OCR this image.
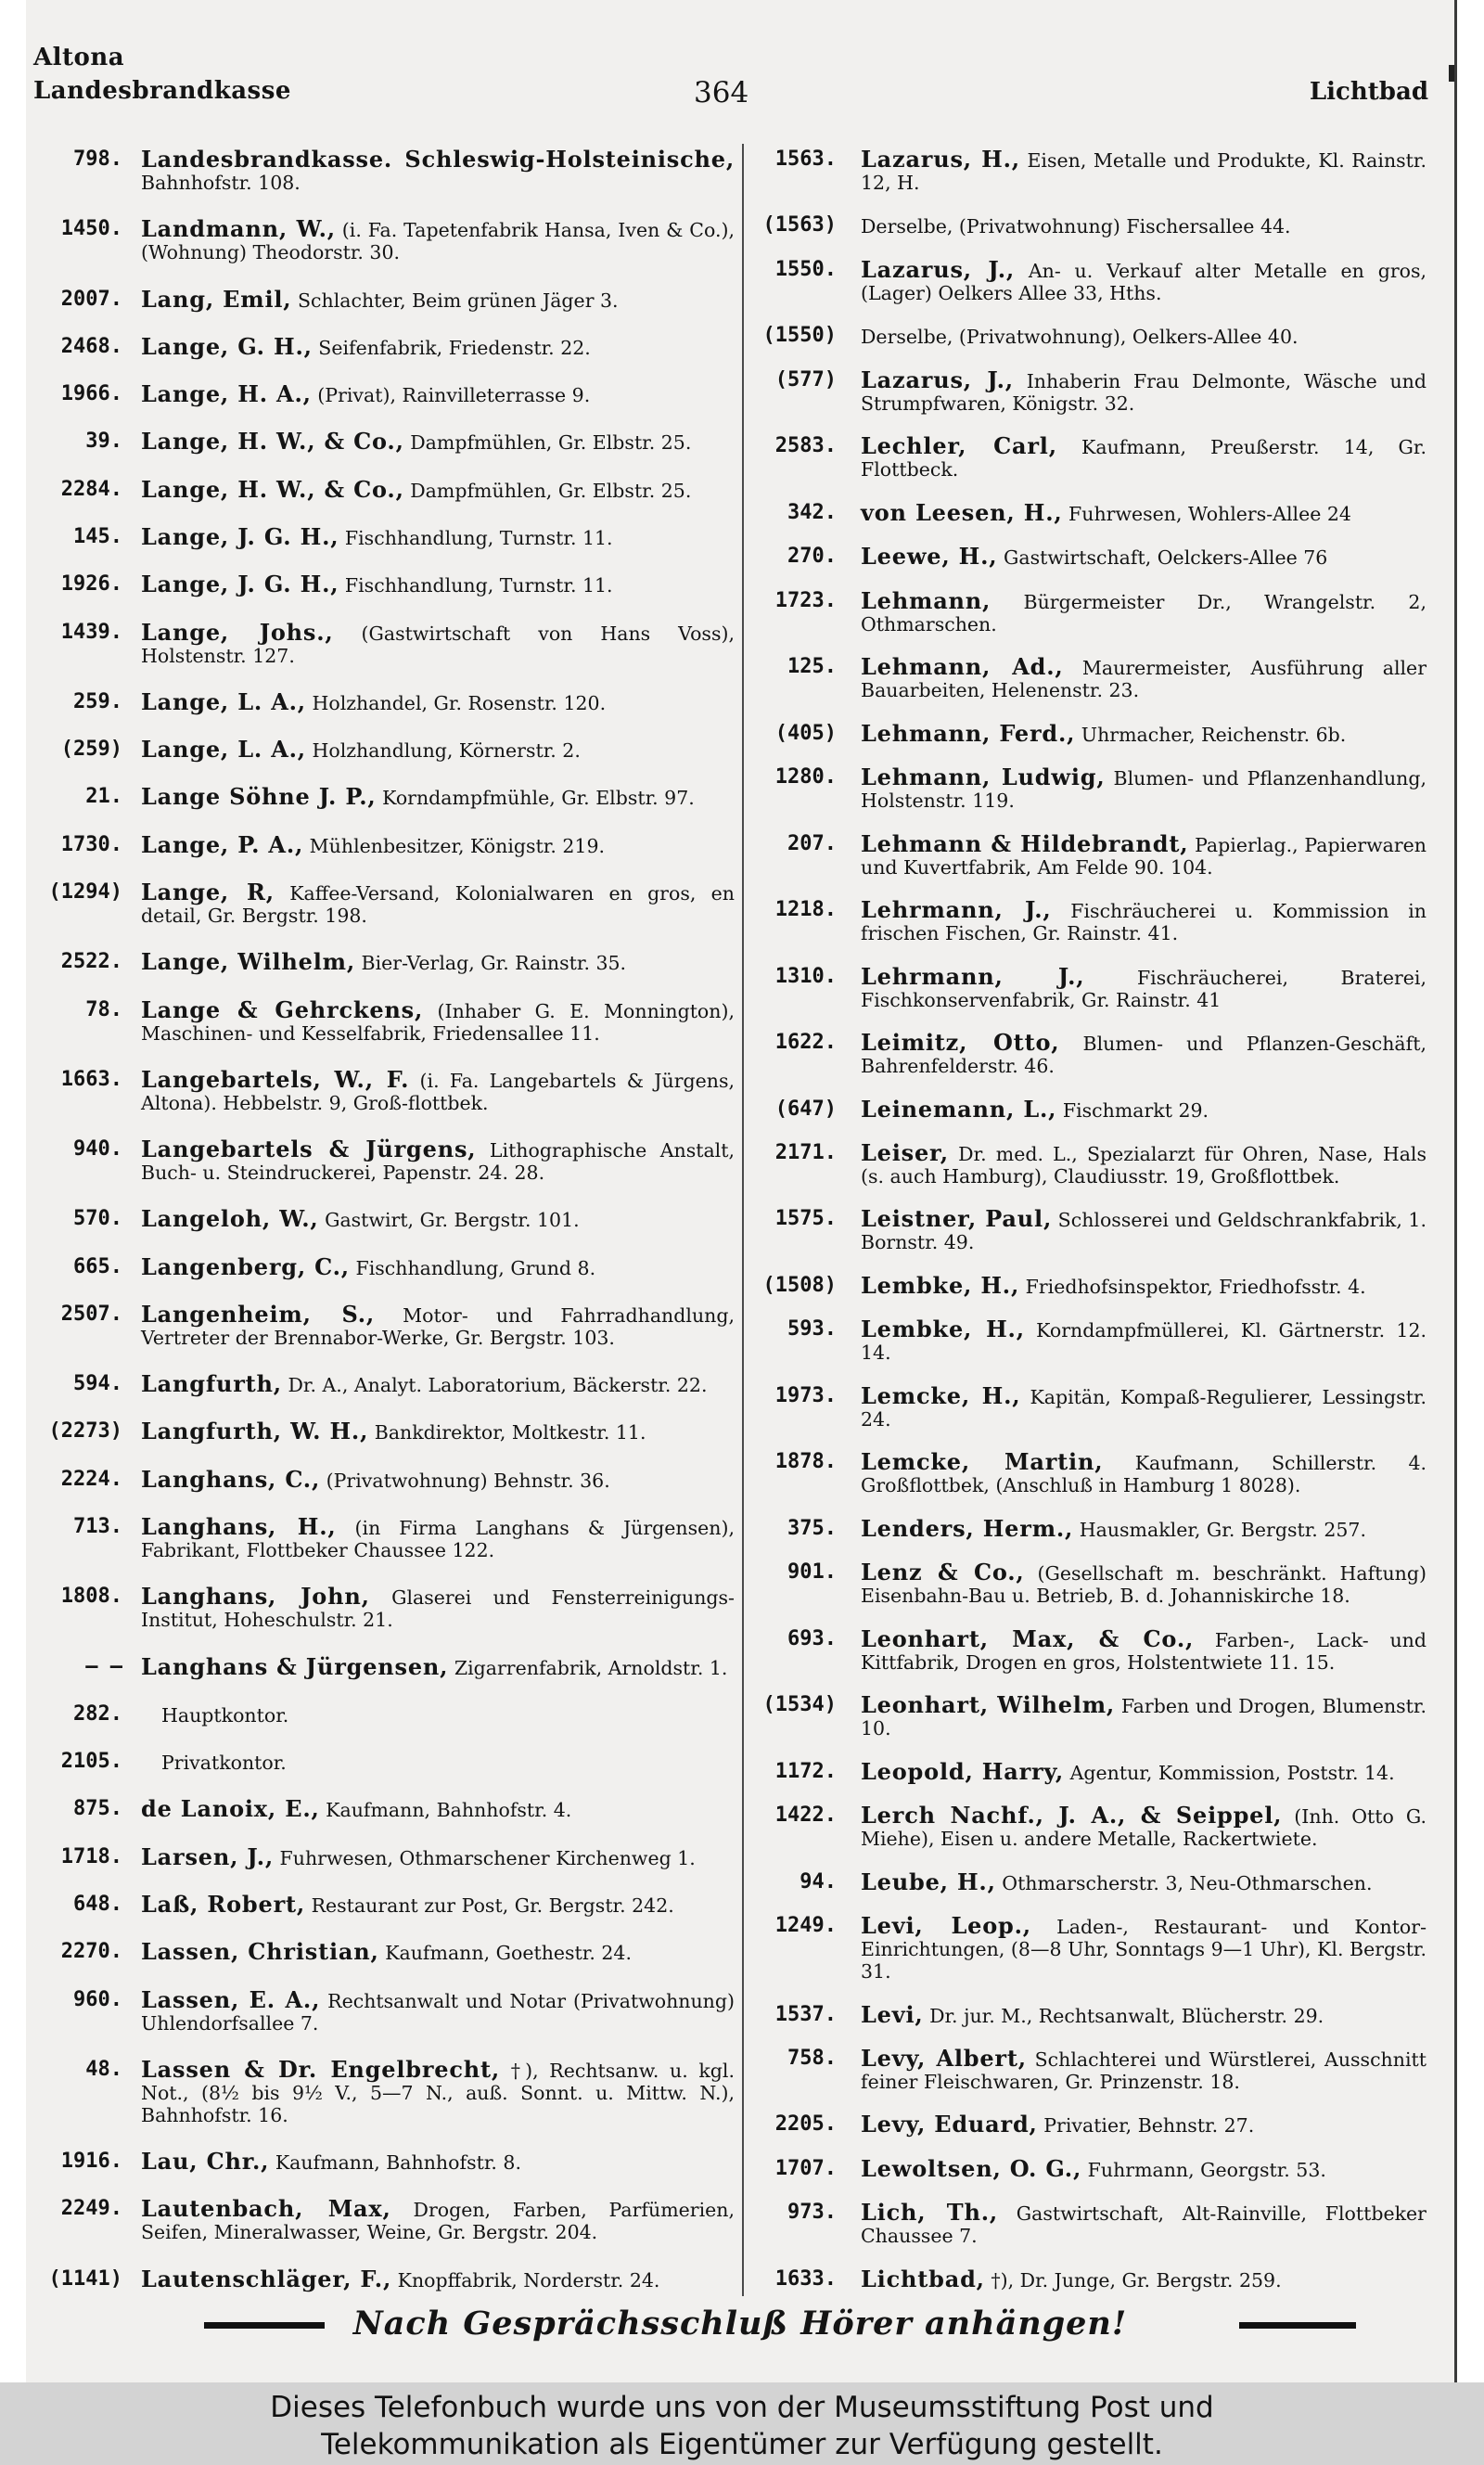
Altona
Landesbrandkasse	364	Lichtbad
798. Landesbrandkasse. Schleswig-Holsteinische, Bahnhofstr. 108.
1450. Landmann, W., (i. Fa. Tapetenfabrik Hansa, Iven & Co.), (Wohnung) Theodorstr. 30.
2007. Lang, Emil, Schlachter, Beim grünen Jäger 3.
2468. Lange, G. H., Seifenfabrik, Friedenstr. 22.
1966. Lange, H. A., (Privat), Rainvilleterrasse 9.
39. Lange, H. W., & Co., Dampfmühlen, Gr. Elbstr. 25.
2284. Lange, H. W., & Co., Dampfmühlen, Gr. Elbstr. 25.
145. Lange, J. G. H., Fischhandlung, Turnstr. 11.
1926. Lange, J. G. H., Fischhandlung, Turnstr. 11.
1439. Lange, Johs., (Gastwirtschaft von Hans Voss), Holstenstr. 127.
259. Lange, L. A., Holzhandel, Gr. Rosenstr. 120.
(259) Lange, L. A., Holzhandlung, Körnerstr. 2.
21. Lange Söhne J. P., Korndampfmühle, Gr. Elbstr. 97.
1730. Lange, P. A., Mühlenbesitzer, Königstr. 219.
(1294) Lange, R, Kaffee-Versand, Kolonialwaren en gros, en detail, Gr. Bergstr. 198.
2522. Lange, Wilhelm, Bier-Verlag, Gr. Rainstr. 35.
78. Lange & Gehrckens, (Inhaber G. E. Monnington), Maschinen- und Kesselfabrik, Friedensallee 11.
1663. Langebartels, W., F. (i. Fa. Langebartels & Jürgens, Altona). Hebbelstr. 9, Groß-flottbek.
940. Langebartels & Jürgens, Lithographische Anstalt, Buch- u. Steindruckerei, Papenstr. 24. 28.
570. Langeloh, W., Gastwirt, Gr. Bergstr. 101.
665. Langenberg, C., Fischhandlung, Grund 8.
2507. Langenheim, S., Motor- und Fahrradhandlung, Vertreter der Brennabor-Werke, Gr. Bergstr. 103.
594. Langfurth, Dr. A., Analyt. Laboratorium, Bäckerstr. 22.
(2273) Langfurth, W. H., Bankdirektor, Moltkestr. 11.
2224. Langhans, C., (Privatwohnung) Behnstr. 36.
713. Langhans, H., (in Firma Langhans & Jürgensen), Fabrikant, Flottbeker Chaussee 122.
1808. Langhans, John, Glaserei und Fensterreinigungs-Institut, Hoheschulstr. 21.
— — Langhans & Jürgensen, Zigarrenfabrik, Arnoldstr. 1.
282.	Hauptkontor.
2105.	Privatkontor.
875. de Lanoix, E., Kaufmann, Bahnhofstr. 4.
1718. Larsen, J., Fuhrwesen, Othmarschener Kirchenweg 1.
648. Laß, Robert, Restaurant zur Post, Gr. Bergstr. 242.
2270. Lassen, Christian, Kaufmann, Goethestr. 24.
960. Lassen, E. A., Rechtsanwalt und Notar (Privatwohnung) Uhlendorfsallee 7.
48. Lassen & Dr. Engelbrecht, †), Rechtsanw. u. kgl. Not., (8½ bis 9½ V., 5—7 N., auß. Sonnt. u. Mittw. N.), Bahnhofstr. 16.
1916. Lau, Chr., Kaufmann, Bahnhofstr. 8.
2249. Lautenbach, Max, Drogen, Farben, Parfümerien, Seifen, Mineralwasser, Weine, Gr. Bergstr. 204.
(1141) Lautenschläger, F., Knopffabrik, Norderstr. 24.
1563.	Lazarus, H., Eisen, Metalle und Produkte, Kl. Rainstr. 12, H.
(1563)	Derselbe, (Privatwohnung) Fischersallee 44.
1550.	Lazarus, J., An- u. Verkauf alter Metalle en gros, (Lager) Oelkers Allee 33, Hths.
(1550)	Derselbe, (Privatwohnung), Oelkers-Allee 40.
(577)	Lazarus, J., Inhaberin Frau Delmonte, Wäsche und Strumpfwaren, Königstr. 32.
2583.	Lechler, Carl, Kaufmann, Preußerstr. 14, Gr. Flottbeck.
342.	von Leesen, H., Fuhrwesen, Wohlers-Allee 24
270.	Leewe, H., Gastwirtschaft, Oelckers-Allee 76
1723.	Lehmann, Bürgermeister Dr., Wrangelstr. 2, Othmarschen.
125.	Lehmann, Ad., Maurermeister, Ausführung aller Bauarbeiten, Helenenstr. 23.
(405)	Lehmann, Ferd., Uhrmacher, Reichenstr. 6b.
1280.	Lehmann, Ludwig, Blumen- und Pflanzenhandlung, Holstenstr. 119.
207.	Lehmann & Hildebrandt, Papierlag., Papierwaren und Kuvertfabrik, Am Felde 90. 104.
1218.	Lehrmann, J., Fischräucherei u. Kommission in frischen Fischen, Gr. Rainstr. 41.
1310.	Lehrmann, J., Fischräucherei, Braterei, Fischkonservenfabrik, Gr. Rainstr. 41
1622.	Leimitz, Otto, Blumen- und Pflanzen-Geschäft, Bahrenfelderstr. 46.
(647)	Leinemann, L., Fischmarkt 29.
2171.	Leiser, Dr. med. L., Spezialarzt für Ohren, Nase, Hals (s. auch Hamburg), Claudiusstr. 19, Großflottbek.
1575.	Leistner, Paul, Schlosserei und Geldschrankfabrik, 1. Bornstr. 49.
(1508)	Lembke, H., Friedhofsinspektor, Friedhofsstr. 4.
593.	Lembke, H., Korndampfmüllerei, Kl. Gärtnerstr. 12. 14.
1973.	Lemcke, H., Kapitän, Kompaß-Regulierer, Lessingstr. 24.
1878.	Lemcke, Martin, Kaufmann, Schillerstr. 4. Großflottbek, (Anschluß in Hamburg 1 8028).
375.	Lenders, Herm., Hausmakler, Gr. Bergstr. 257.
901.	Lenz & Co., (Gesellschaft m. beschränkt. Haftung) Eisenbahn-Bau u. Betrieb, B. d. Johanniskirche 18.
693.	Leonhart, Max, & Co., Farben-, Lack- und Kittfabrik, Drogen en gros, Holstentwiete 11. 15.
(1534)	Leonhart, Wilhelm, Farben und Drogen, Blumenstr. 10.
1172.	Leopold, Harry, Agentur, Kommission, Poststr. 14.
1422.	Lerch Nachf., J. A., & Seippel, (Inh. Otto G. Miehe), Eisen u. andere Metalle, Rackertwiete.
94.	Leube, H., Othmarscherstr. 3, Neu-Othmarschen.
1249.	Levi, Leop., Laden-, Restaurant- und Kontor-Einrichtungen, (8—8 Uhr, Sonntags 9—1 Uhr), Kl. Bergstr. 31.
1537.	Levi, Dr. jur. M., Rechtsanwalt, Blücherstr. 29.
758.	Levy, Albert, Schlachterei und Würstlerei, Ausschnitt feiner Fleischwaren, Gr. Prinzenstr. 18.
2205.	Levy, Eduard, Privatier, Behnstr. 27.
1707.	Lewoltsen, O. G., Fuhrmann, Georgstr. 53.
973.	Lich, Th., Gastwirtschaft, Alt-Rainville, Flottbeker Chaussee 7.
1633.	Lichtbad, †), Dr. Junge, Gr. Bergstr. 259.
Nach Gesprächsschluß Hörer anhängen!
Dieses Telefonbuch wurde uns von der Museumsstiftung Post und
Telekommunikation als Eigentümer zur Verfügung gestellt.
